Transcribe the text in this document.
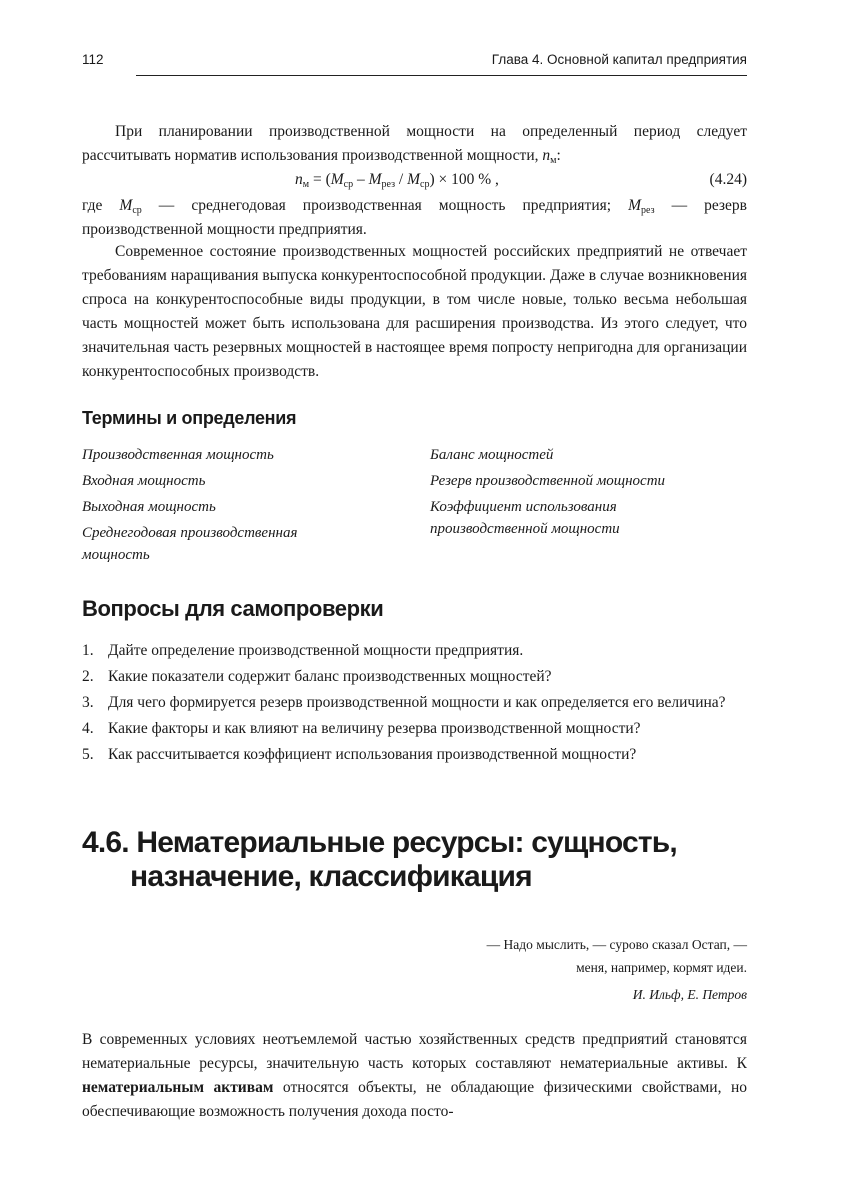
112	Глава 4. Основной капитал предприятия

При планировании производственной мощности на определенный период следует рассчитывать норматив использования производственной мощности, $n_м$:

$n_м = (M_{ср} - M_{рез} / M_{ср}) \times 100$ % ,	(4.24)

где $M_{ср}$ — среднегодовая производственная мощность предприятия; $M_{рез}$ — резерв производственной мощности предприятия.

Современное состояние производственных мощностей российских предприятий не отвечает требованиям наращивания выпуска конкурентоспособной продукции. Даже в случае возникновения спроса на конкурентоспособные виды продукции, в том числе новые, только весьма небольшая часть мощностей может быть использована для расширения производства. Из этого следует, что значительная часть резервных мощностей в настоящее время попросту непригодна для организации конкурентоспособных производств.

Термины и определения
Производственная мощность
Входная мощность
Выходная мощность
Среднегодовая производственная мощность
Баланс мощностей
Резерв производственной мощности
Коэффициент использования производственной мощности
Вопросы для самопроверки
1. Дайте определение производственной мощности предприятия.
2. Какие показатели содержит баланс производственных мощностей?
3. Для чего формируется резерв производственной мощности и как определяется его величина?
4. Какие факторы и как влияют на величину резерва производственной мощности?
5. Как рассчитывается коэффициент использования производственной мощности?
4.6. Нематериальные ресурсы: сущность,
назначение, классификация
— Надо мыслить, — сурово сказал Остап, —
меня, например, кормят идеи.
И. Ильф, Е. Петров

В современных условиях неотъемлемой частью хозяйственных средств предприятий становятся нематериальные ресурсы, значительную часть которых составляют нематериальные активы. К нематериальным активам относятся объекты, не обладающие физическими свойствами, но обеспечивающие возможность получения дохода посто-
